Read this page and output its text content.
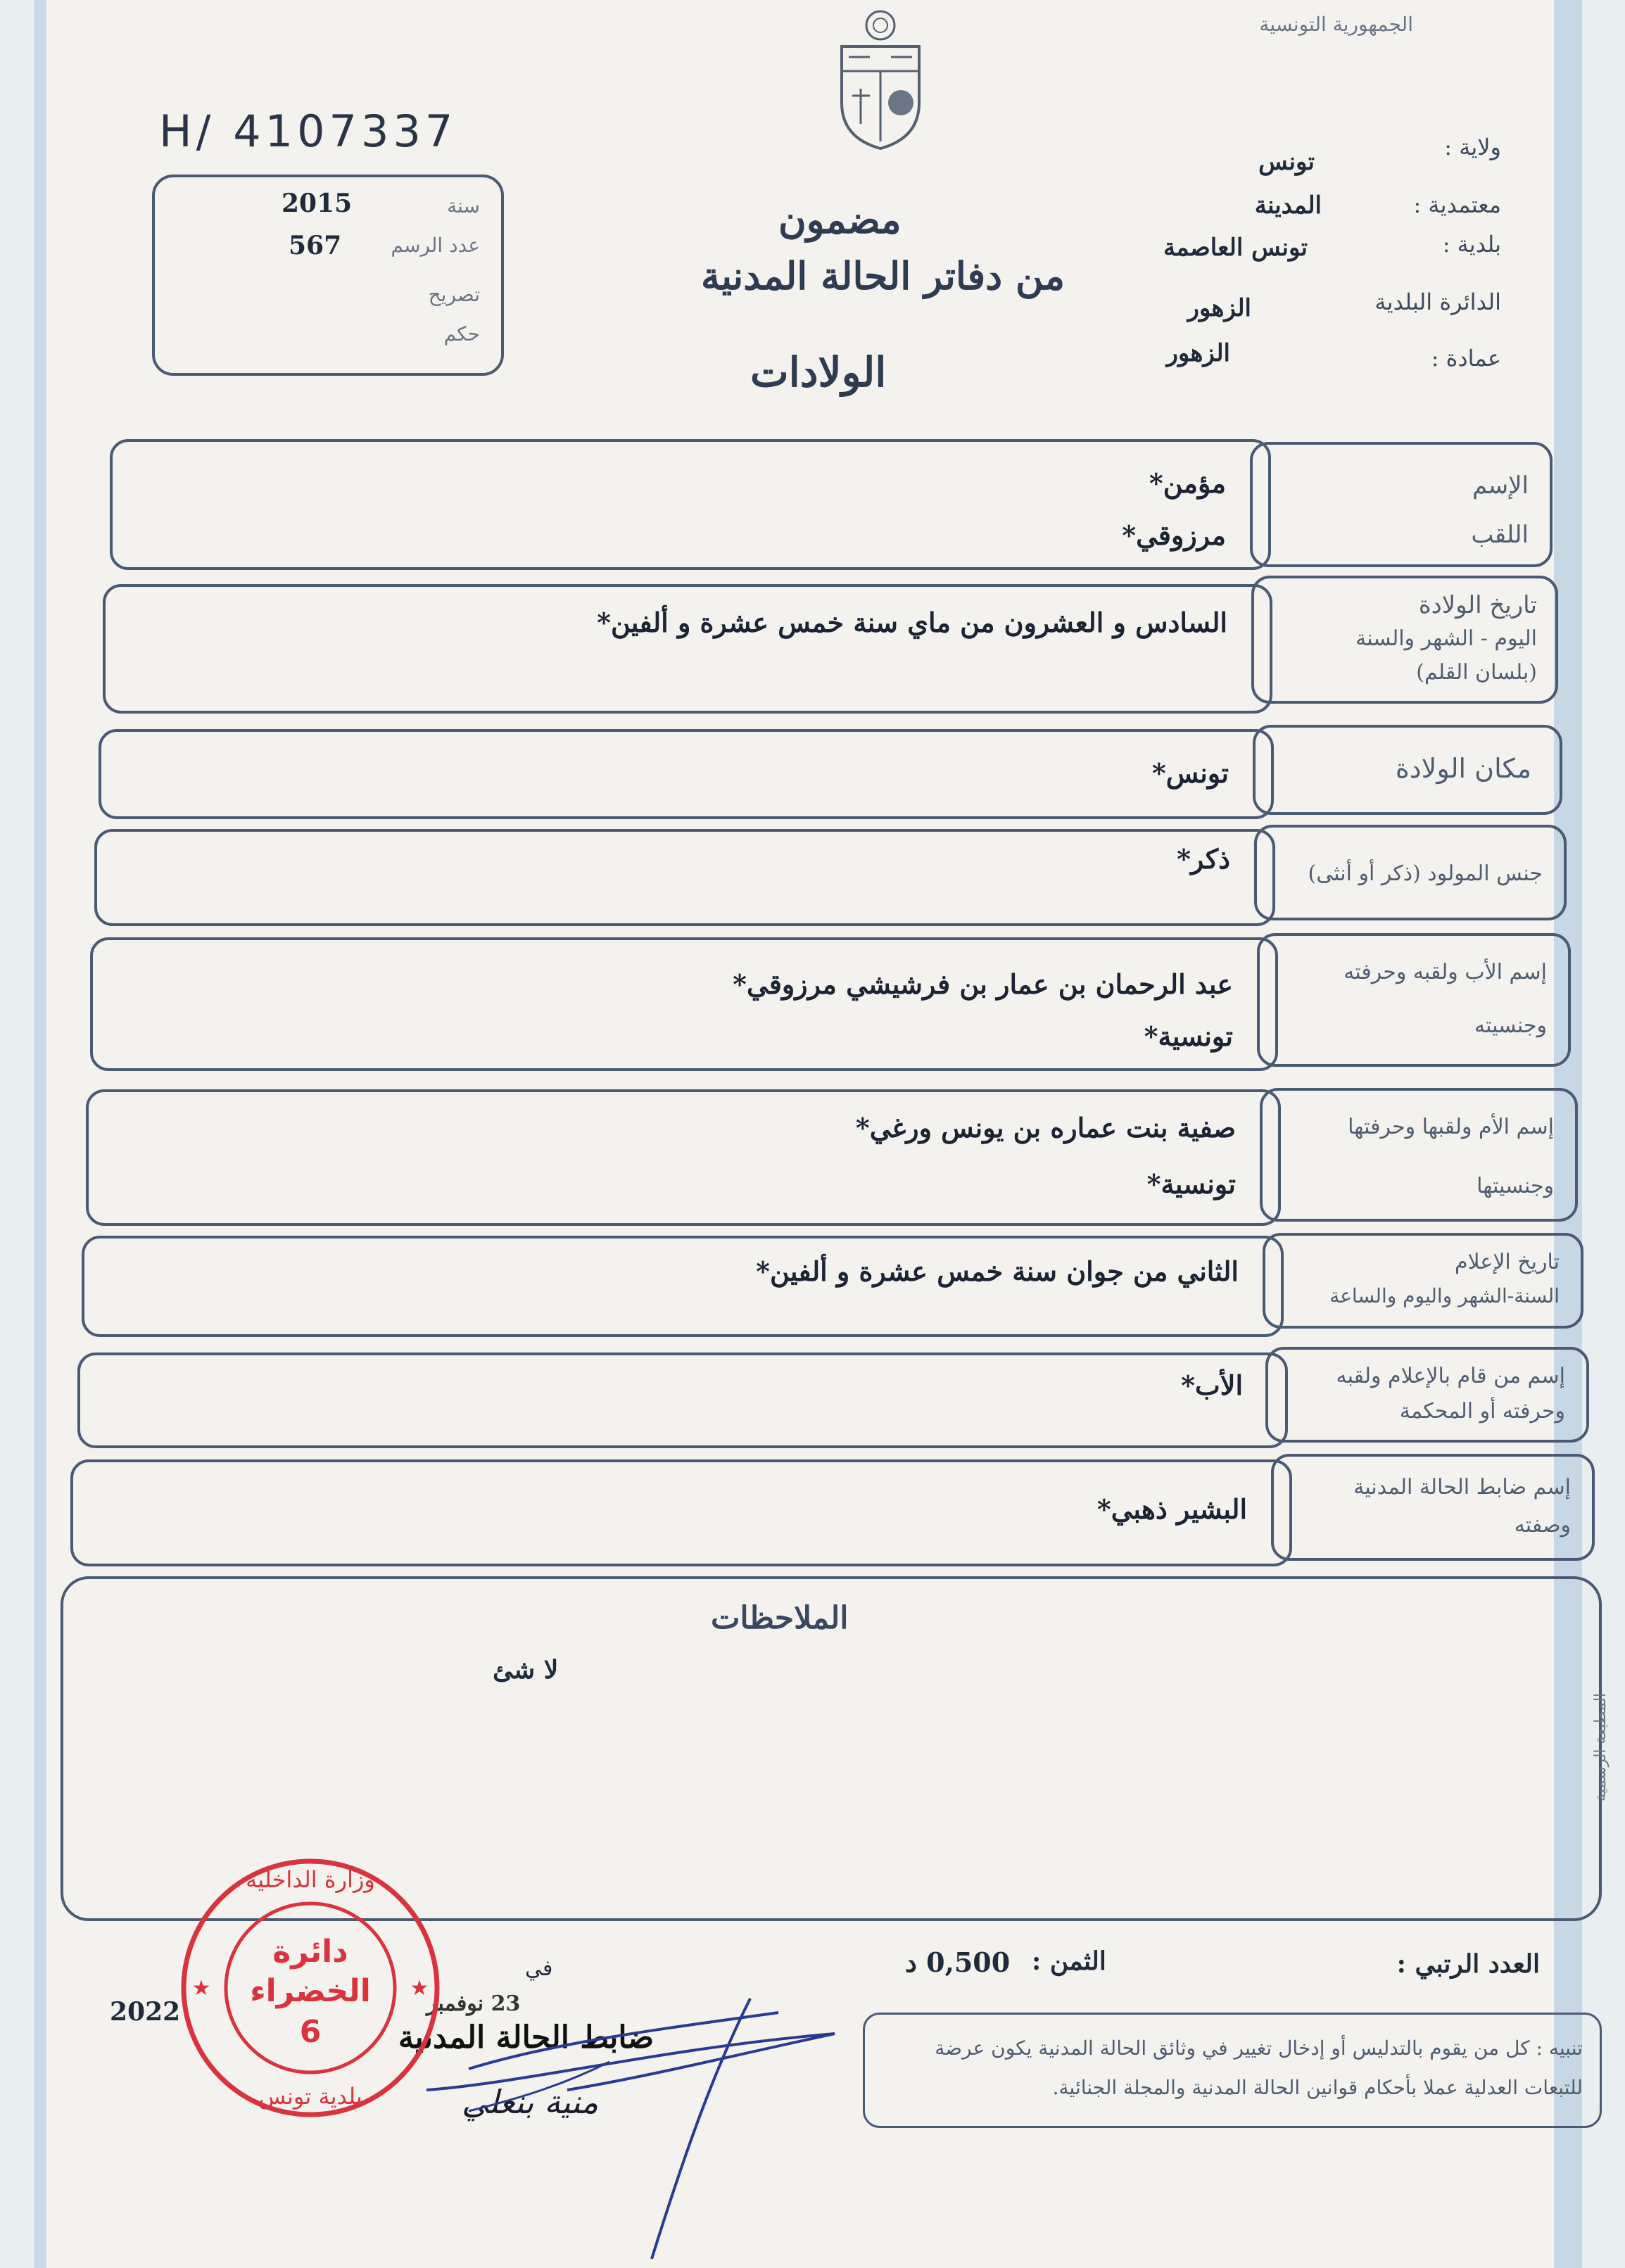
الجمهورية التونسية
H/ 4107337
سنة
2015
عدد الرسم
567
تصريح
حكم
مضمون
من دفاتر الحالة المدنية
الولادات
ولاية :
تونس
معتمدية :
المدينة
بلدية :
تونس العاصمة
الدائرة البلدية
الزهور
عمادة :
الزهور
الإسم
اللقب
مؤمن*
مرزوقي*
تاريخ الولادة
اليوم - الشهر والسنة
(بلسان القلم)
السادس و العشرون من ماي سنة خمس عشرة و ألفين*
مكان الولادة
تونس*
جنس المولود (ذكر أو أنثى)
ذكر*
إسم الأب ولقبه وحرفته
وجنسيته
عبد الرحمان بن عمار بن فرشيشي مرزوقي*
تونسية*
إسم الأم ولقبها وحرفتها
وجنسيتها
صفية بنت عماره بن يونس ورغي*
تونسية*
تاريخ الإعلام
السنة-الشهر واليوم والساعة
الثاني من جوان سنة خمس عشرة و ألفين*
إسم من قام بالإعلام ولقبه
وحرفته أو المحكمة
الأب*
إسم ضابط الحالة المدنية
وصفته
البشير ذهبي*
الملاحظات
لا شئ
المطبعة الرسمية
العدد الرتبي :
الثمن :
0,500 د
في
23 نوفمبر
2022
ضابط الحالة المدنية
منية بنعلي
تنبيه : كل من يقوم بالتدليس أو إدخال تغيير في وثائق الحالة المدنية يكون عرضة للتبعات العدلية عملا بأحكام قوانين الحالة المدنية والمجلة الجنائية.
وزارة الداخلية
دائرة
الخضراء
6
بلدية تونس
★	★
